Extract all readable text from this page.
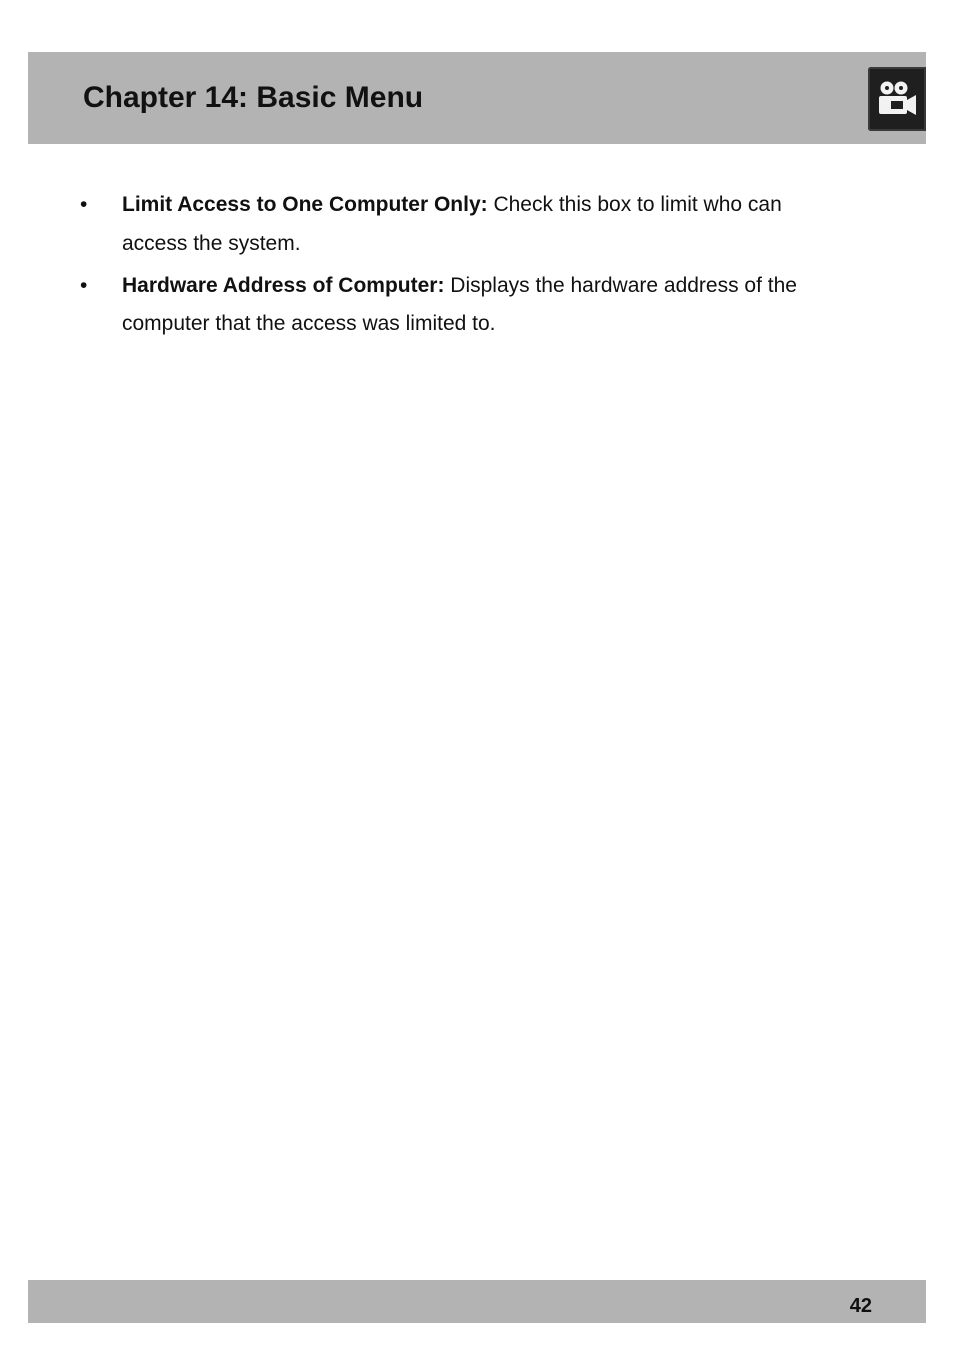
Chapter 14: Basic Menu
• Limit Access to One Computer Only: Check this box to limit who can access the system.
• Hardware Address of Computer: Displays the hardware address of the computer that the access was limited to.
42
